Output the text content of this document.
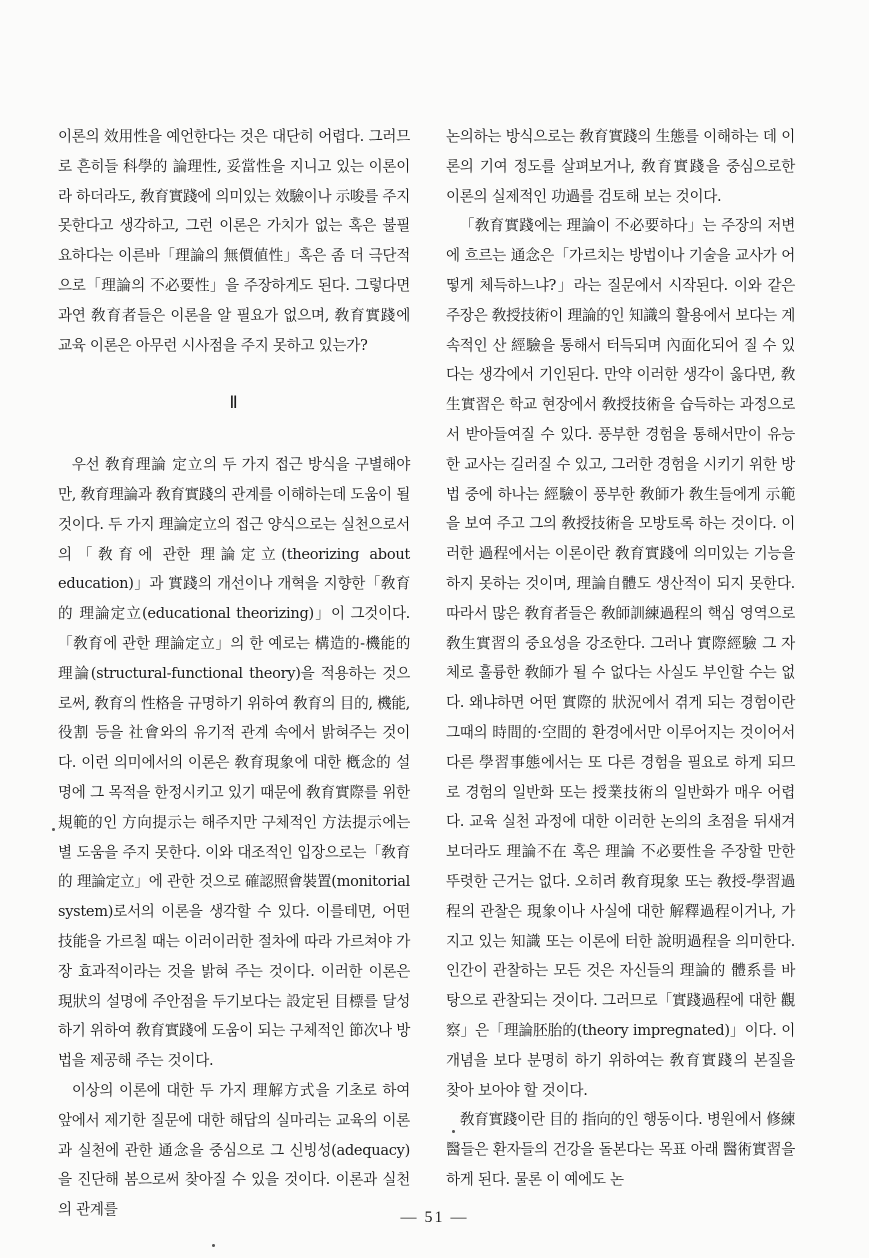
이론의 效用性을 예언한다는 것은 대단히 어렵다. 그러므로 흔히들 科學的 論理性, 妥當性을 지니고 있는 이론이라 하더라도, 敎育實踐에 의미있는 效驗이나 示唆를 주지 못한다고 생각하고, 그런 이론은 가치가 없는 혹은 불필요하다는 이른바「理論의 無價値性」혹은 좀 더 극단적으로「理論의 不必要性」을 주장하게도 된다. 그렇다면 과연 敎育者들은 이론을 알 필요가 없으며, 敎育實踐에 교육 이론은 아무런 시사점을 주지 못하고 있는가?

Ⅱ

우선 敎育理論 定立의 두 가지 접근 방식을 구별해야만, 敎育理論과 敎育實踐의 관계를 이해하는데 도움이 될 것이다. 두 가지 理論定立의 접근 양식으로는 실천으로서의「敎育에 관한 理論定立(theorizing about education)」과 實踐의 개선이나 개혁을 지향한「敎育的 理論定立(educational theorizing)」이 그것이다.「敎育에 관한 理論定立」의 한 예로는 構造的-機能的 理論(structural-functional theory)을 적용하는 것으로써, 敎育의 性格을 규명하기 위하여 敎育의 目的, 機能, 役割 등을 社會와의 유기적 관계 속에서 밝혀주는 것이다. 이런 의미에서의 이론은 敎育現象에 대한 槪念的 설명에 그 목적을 한정시키고 있기 때문에 敎育實際를 위한 規範的인 方向提示는 해주지만 구체적인 方法提示에는 별 도움을 주지 못한다. 이와 대조적인 입장으로는「敎育的 理論定立」에 관한 것으로 確認照會裝置(monitorial system)로서의 이론을 생각할 수 있다. 이를테면, 어떤 技能을 가르칠 때는 이러이러한 절차에 따라 가르쳐야 가장 효과적이라는 것을 밝혀 주는 것이다. 이러한 이론은 現狀의 설명에 주안점을 두기보다는 設定된 目標를 달성하기 위하여 敎育實踐에 도움이 되는 구체적인 節次나 방법을 제공해 주는 것이다.

이상의 이론에 대한 두 가지 理解方式을 기초로 하여 앞에서 제기한 질문에 대한 해답의 실마리는 교육의 이론과 실천에 관한 通念을 중심으로 그 신빙성(adequacy)을 진단해 봄으로써 찾아질 수 있을 것이다. 이론과 실천의 관계를

논의하는 방식으로는 敎育實踐의 生態를 이해하는 데 이론의 기여 정도를 살펴보거나, 敎育實踐을 중심으로한 이론의 실제적인 功過를 검토해 보는 것이다.

「敎育實踐에는 理論이 不必要하다」는 주장의 저변에 흐르는 通念은「가르치는 방법이나 기술을 교사가 어떻게 체득하느냐?」라는 질문에서 시작된다. 이와 같은 주장은 敎授技術이 理論的인 知識의 활용에서 보다는 계속적인 산 經驗을 통해서 터득되며 內面化되어 질 수 있다는 생각에서 기인된다. 만약 이러한 생각이 옳다면, 敎生實習은 학교 현장에서 敎授技術을 습득하는 과정으로서 받아들여질 수 있다. 풍부한 경험을 통해서만이 유능한 교사는 길러질 수 있고, 그러한 경험을 시키기 위한 방법 중에 하나는 經驗이 풍부한 敎師가 敎生들에게 示範을 보여 주고 그의 敎授技術을 모방토록 하는 것이다. 이러한 過程에서는 이론이란 敎育實踐에 의미있는 기능을 하지 못하는 것이며, 理論自體도 생산적이 되지 못한다. 따라서 많은 敎育者들은 敎師訓練過程의 핵심 영역으로 敎生實習의 중요성을 강조한다. 그러나 實際經驗 그 자체로 훌륭한 敎師가 될 수 없다는 사실도 부인할 수는 없다. 왜냐하면 어떤 實際的 狀況에서 겪게 되는 경험이란 그때의 時間的·空間的 환경에서만 이루어지는 것이어서 다른 學習事態에서는 또 다른 경험을 필요로 하게 되므로 경험의 일반화 또는 授業技術의 일반화가 매우 어렵다. 교육 실천 과정에 대한 이러한 논의의 초점을 뒤새겨보더라도 理論不在 혹은 理論 不必要性을 주장할 만한 뚜렷한 근거는 없다. 오히려 敎育現象 또는 敎授-學習過程의 관찰은 現象이나 사실에 대한 解釋過程이거나, 가지고 있는 知識 또는 이론에 터한 說明過程을 의미한다. 인간이 관찰하는 모든 것은 자신들의 理論的 體系를 바탕으로 관찰되는 것이다. 그러므로「實踐過程에 대한 觀察」은「理論胚胎的(theory impregnated)」이다. 이 개념을 보다 분명히 하기 위하여는 敎育實踐의 본질을 찾아 보아야 할 것이다.

敎育實踐이란 目的 指向的인 행동이다. 병원에서 修練醫들은 환자들의 건강을 돌본다는 목표 아래 醫術實習을 하게 된다. 물론 이 예에도 논

— 51 —
